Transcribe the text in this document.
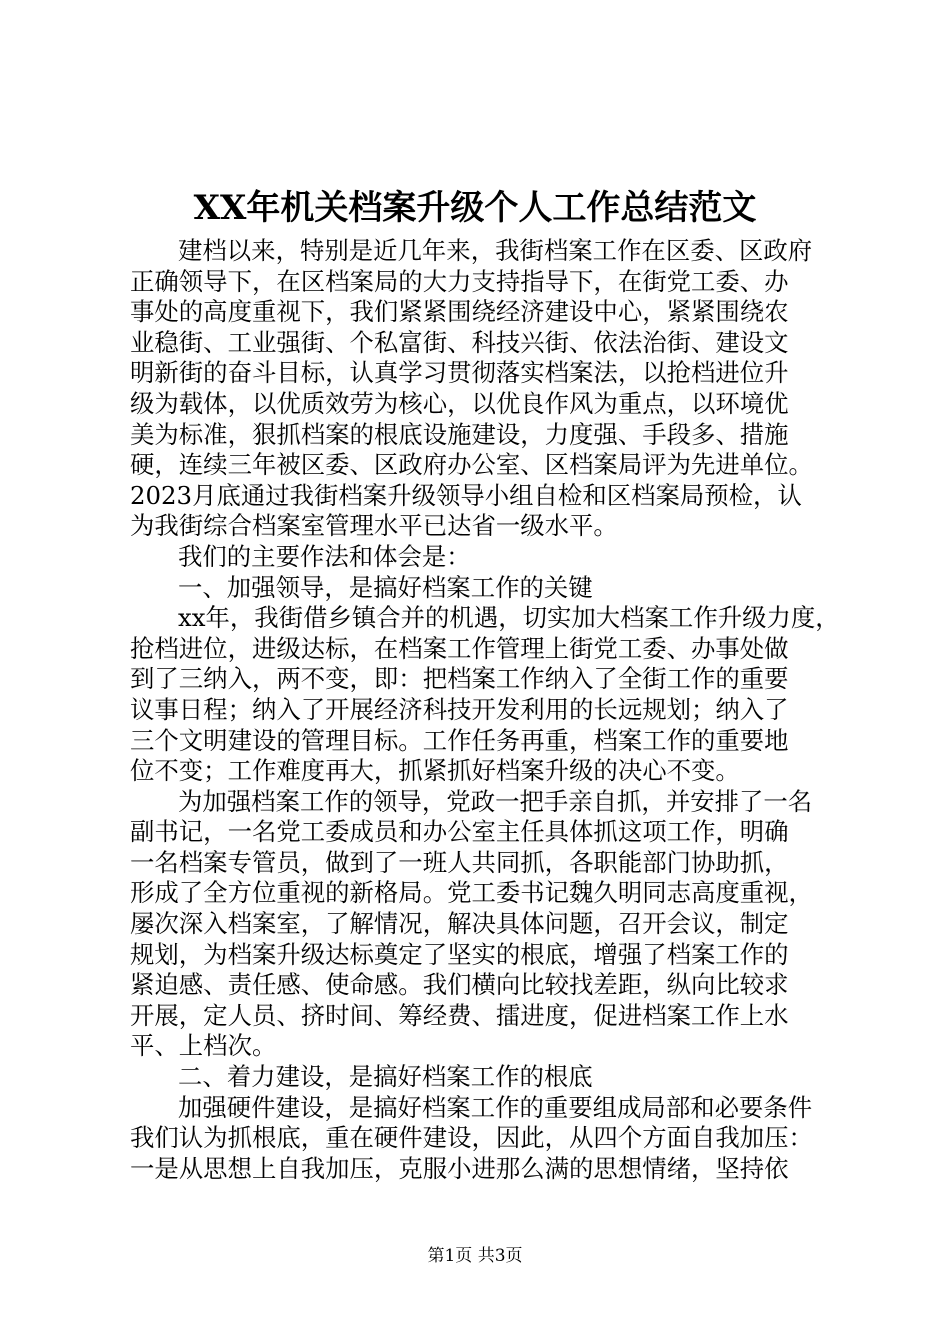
XX年机关档案升级个人工作总结范文
建档以来，特别是近几年来，我街档案工作在区委、区政府
正确领导下，在区档案局的大力支持指导下，在街党工委、办
事处的高度重视下，我们紧紧围绕经济建设中心，紧紧围绕农
业稳街、工业强街、个私富街、科技兴街、依法治街、建设文
明新街的奋斗目标，认真学习贯彻落实档案法，以抢档进位升
级为载体，以优质效劳为核心，以优良作风为重点，以环境优
美为标准，狠抓档案的根底设施建设，力度强、手段多、措施
硬，连续三年被区委、区政府办公室、区档案局评为先进单位。
2023月底通过我街档案升级领导小组自检和区档案局预检，认
为我街综合档案室管理水平已达省一级水平。
我们的主要作法和体会是：
一、加强领导，是搞好档案工作的关键
xx年，我街借乡镇合并的机遇，切实加大档案工作升级力度，
抢档进位，进级达标，在档案工作管理上街党工委、办事处做
到了三纳入，两不变，即：把档案工作纳入了全街工作的重要
议事日程；纳入了开展经济科技开发利用的长远规划；纳入了
三个文明建设的管理目标。工作任务再重，档案工作的重要地
位不变；工作难度再大，抓紧抓好档案升级的决心不变。
为加强档案工作的领导，党政一把手亲自抓，并安排了一名
副书记，一名党工委成员和办公室主任具体抓这项工作，明确
一名档案专管员，做到了一班人共同抓，各职能部门协助抓，
形成了全方位重视的新格局。党工委书记魏久明同志高度重视，
屡次深入档案室，了解情况，解决具体问题，召开会议，制定
规划，为档案升级达标奠定了坚实的根底，增强了档案工作的
紧迫感、责任感、使命感。我们横向比较找差距，纵向比较求
开展，定人员、挤时间、筹经费、擂进度，促进档案工作上水
平、上档次。
二、着力建设，是搞好档案工作的根底
加强硬件建设，是搞好档案工作的重要组成局部和必要条件
我们认为抓根底，重在硬件建设，因此，从四个方面自我加压：
一是从思想上自我加压，克服小进那么满的思想情绪，坚持依
第1页 共3页
